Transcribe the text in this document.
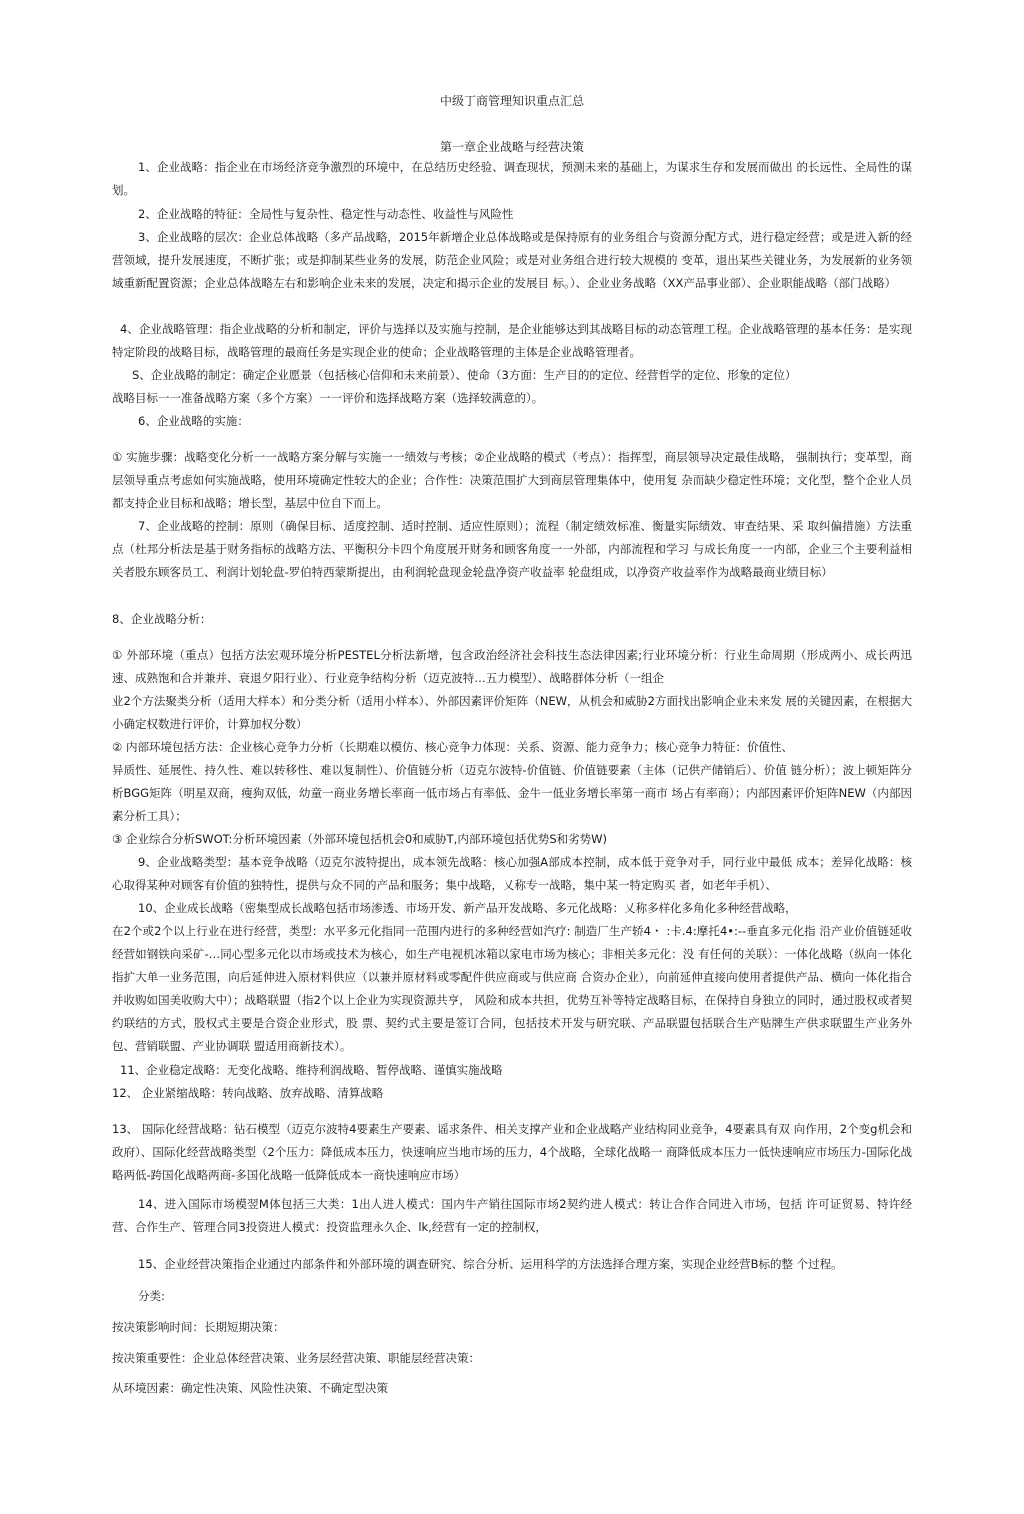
中级丁商管理知识重点汇总
第一章企业战略与经营决策
1、企业战略：指企业在市场经济竞争激烈的环境中，在总结历史经验、调查现状，预测未来的基础上，为谋求生存和发展而做出 的长远性、全局性的谋划。
2、企业战略的特征：全局性与复杂性、稳定性与动态性、收益性与风险性
3、企业战略的层次：企业总体战略（多产品战略，2015年新增企业总体战略或是保持原有的业务组合与资源分配方式，进行稳定经营；或是进入新的经营领域，提升发展速度，不断扩张；或是抑制某些业务的发展，防范企业风险；或是对业务组合进行较大规模的 变革，退出某些关键业务，为发展新的业务领域重新配置资源；企业总体战略左右和影响企业未来的发展，决定和揭示企业的发展目 标。）、企业业务战略（XX产品事业部）、企业职能战略（部门战略）
4、企业战略管理：指企业战略的分析和制定，评价与选择以及实施与控制，是企业能够达到其战略目标的动态管理工程。企业战略管理的基本任务：是实现特定阶段的战略目标，战略管理的最商任务是实现企业的使命；企业战略管理的主体是企业战略管理者。
S、企业战略的制定：确定企业愿景（包括核心信仰和未来前景）、使命（3方面：生产目的的定位、经营哲学的定位、形象的定位）
战略目标一一准备战略方案（多个方案）一一评价和选择战略方案（选择较满意的）。
6、企业战略的实施：
① 实施步骤：战略变化分析一一战略方案分解与实施一一绩效与考核；②企业战略的模式（考点）：指挥型，商层领导决定最佳战略， 强制执行；变革型，商层领导重点考虑如何实施战略，使用环境确定性较大的企业；合作性：决策范围扩大到商层管理集体中，使用复 杂而缺少稳定性环境；文化型，整个企业人员都支持企业目标和战略；增长型，基层中位自下而上。
7、企业战略的控制：原则（确保目标、适度控制、适时控制、适应性原则）；流程（制定绩效标准、衡量实际绩效、审查结果、采 取纠偏措施）方法重点（杜邦分析法是基于财务指标的战略方法、平衡积分卡四个角度展开财务和顾客角度一一外部，内部流程和学习 与成长角度一一内部，企业三个主要利益相关者股东顾客员工、利润计划轮盘-罗伯特西蒙斯提出，由利润轮盘现金轮盘净资产收益率 轮盘组成，以净资产收益率作为战略最商业绩目标）
8、企业战略分析：
① 外部环境（重点）包括方法宏观环境分析PESTEL分析法新增，包含政治经济社会科技生态法律因素;行业环境分析：行业生命周期（形成两小、成长两迅速、成熟饱和合并兼并、衰退夕阳行业）、行业竞争结构分析（迈克波特…五力模型）、战略群体分析（一组企
业2个方法聚类分析（适用大样本）和分类分析（适用小样本）、外部因素评价矩阵（NEW，从机会和威胁2方面找出影响企业未来发 展的关键因素，在根据大小确定权数进行评价，计算加权分数）
② 内部环境包括方法：企业核心竞争力分析（长期难以模仿、核心竞争力体现：关系、资源、能力竞争力；核心竞争力特征：价值性、
异质性、延展性、持久性、难以转移性、难以复制性）、价值链分析（迈克尔波特-价值链、价值链要素（主体（记供产储销后）、价值 链分析）；波上顿矩阵分析BGG矩阵（明星双商，瘦狗双低，幼童一商业务增长率商一低市场占有率低、金牛一低业务增长率第一商市 场占有率商）；内部因素评价矩阵NEW（内部因素分析工具）；
③ 企业综合分析SWOT:分析环境因素（外部环境包括机会0和威胁T,内部环境包括优势S和劣势W)
9、企业战略类型：基本竞争战略（迈克尔波特提出，成本领先战略：核心加强A部成本控制，成本低于竞争对手，同行业中最低 成本；差异化战略：核心取得某种对顾客有价值的独特性，提供与众不同的产品和服务；集中战略，乂称专一战略，集中某一特定购买 者，如老年手机）、
10、企业成长战略（密集型成长战略包括市场渗透、市场开发、新产品开发战略、多元化战略：乂称多样化多角化多种经营战略，
在2个或2个以上行业在进行经营，类型：水平多元化指同一范围内进行的多种经营如汽疗: 制造厂生产轿4・ :卡.4:摩托4•:--垂直多元化指 沿产业价值链延收经营如钢铁向采矿-…同心型多元化以市场或技术为核心，如生产电视机冰箱以家电市场为核心；非相关多元化：没 有任何的关联）：一体化战略（纵向一体化指扩大单一业务范围，向后延伸进入原材料供应（以兼并原材料或零配件供应商或与供应商 合资办企业），向前延伸直接向使用者提供产品、横向一体化指合并收购如国美收购大中）；战略联盟（指2个以上企业为实现资源共亨， 风险和成本共担，优势互补等特定战略目标，在保持自身独立的同时，通过股权或者契约联结的方式，股权式主要是合资企业形式，股 票、契约式主要是签订合同，包括技术开发与研究联、产品联盟包括联合生产贴牌生产供求联盟生产业务外包、营销联盟、产业协调联 盟适用商新技术）。
11、企业稳定战略：无变化战略、维持利润战略、暂停战略、谨慎实施战略
12、 企业紧缩战略：转向战略、放弃战略、清算战略
13、 国际化经营战略：钻石模型（迈克尔波特4要素生产要素、谣求条件、相关支撑产业和企业战略产业结构同业竞争，4要素具有双 向作用，2个变g机会和政府）、国际化经营战略类型（2个压力：降低成本压力，快速响应当地市场的压力，4个战略，全球化战略一 商降低成本压力一低快速响应市场压力-国际化战略两低-跨国化战略两商-多国化战略一低降低成本一商快速响应市场）
14、进入国际市场模翌M体包括三大类：1出人进人模式：国内牛产销往国际市场2契约进人模式：转让合作合同进入市场，包括 许可证贸易、特许经营、合作生产、管理合同3投资进人模式：投资监理永久企、lk,经营有一定的控制权，
15、企业经营决策指企业通过内部条件和外部环境的调查研究、综合分析、运用科学的方法选择合理方案，实现企业经营B标的整 个过程。
分类:
按决策影响时间：长期短期决策：
按决策重要性：企业总体经营决策、业务层经营决策、职能层经营决策：
从环境因素：确定性决策、风险性决策、不确定型决策
